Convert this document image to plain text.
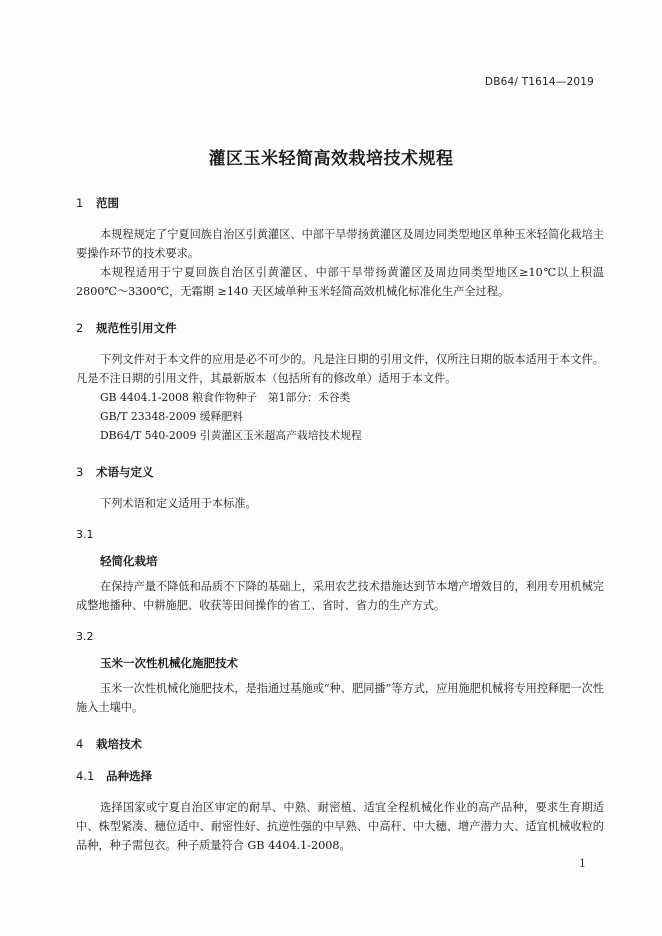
DB64/ T1614—2019
灌区玉米轻简高效栽培技术规程
1 范围

本规程规定了宁夏回族自治区引黄灌区、中部干旱带扬黄灌区及周边同类型地区单种玉米轻简化栽培主要操作环节的技术要求。

本规程适用于宁夏回族自治区引黄灌区、中部干旱带扬黄灌区及周边同类型地区≥10℃以上积温2800℃～3300℃，无霜期 ≥140 天区域单种玉米轻简高效机械化标准化生产全过程。

2 规范性引用文件

下列文件对于本文件的应用是必不可少的。凡是注日期的引用文件，仅所注日期的版本适用于本文件。凡是不注日期的引用文件，其最新版本（包括所有的修改单）适用于本文件。

GB 4404.1-2008 粮食作物种子　第1部分：禾谷类

GB/T 23348-2009 缓释肥料

DB64/T 540-2009 引黄灌区玉米超高产栽培技术规程

3 术语与定义

下列术语和定义适用于本标准。

3.1
轻简化栽培

在保持产量不降低和品质不下降的基础上，采用农艺技术措施达到节本增产增效目的，利用专用机械完成整地播种、中耕施肥、收获等田间操作的省工、省时、省力的生产方式。

3.2
玉米一次性机械化施肥技术

玉米一次性机械化施肥技术，是指通过基施或“种、肥同播”等方式，应用施肥机械将专用控释肥一次性施入土壤中。

4 栽培技术
4.1 品种选择

选择国家或宁夏自治区审定的耐旱、中熟、耐密植、适宜全程机械化作业的高产品种，要求生育期适中、株型紧凑、穗位适中、耐密性好、抗逆性强的中早熟、中高秆、中大穗、增产潜力大、适宜机械收粒的品种，种子需包衣。种子质量符合 GB 4404.1-2008。

1
